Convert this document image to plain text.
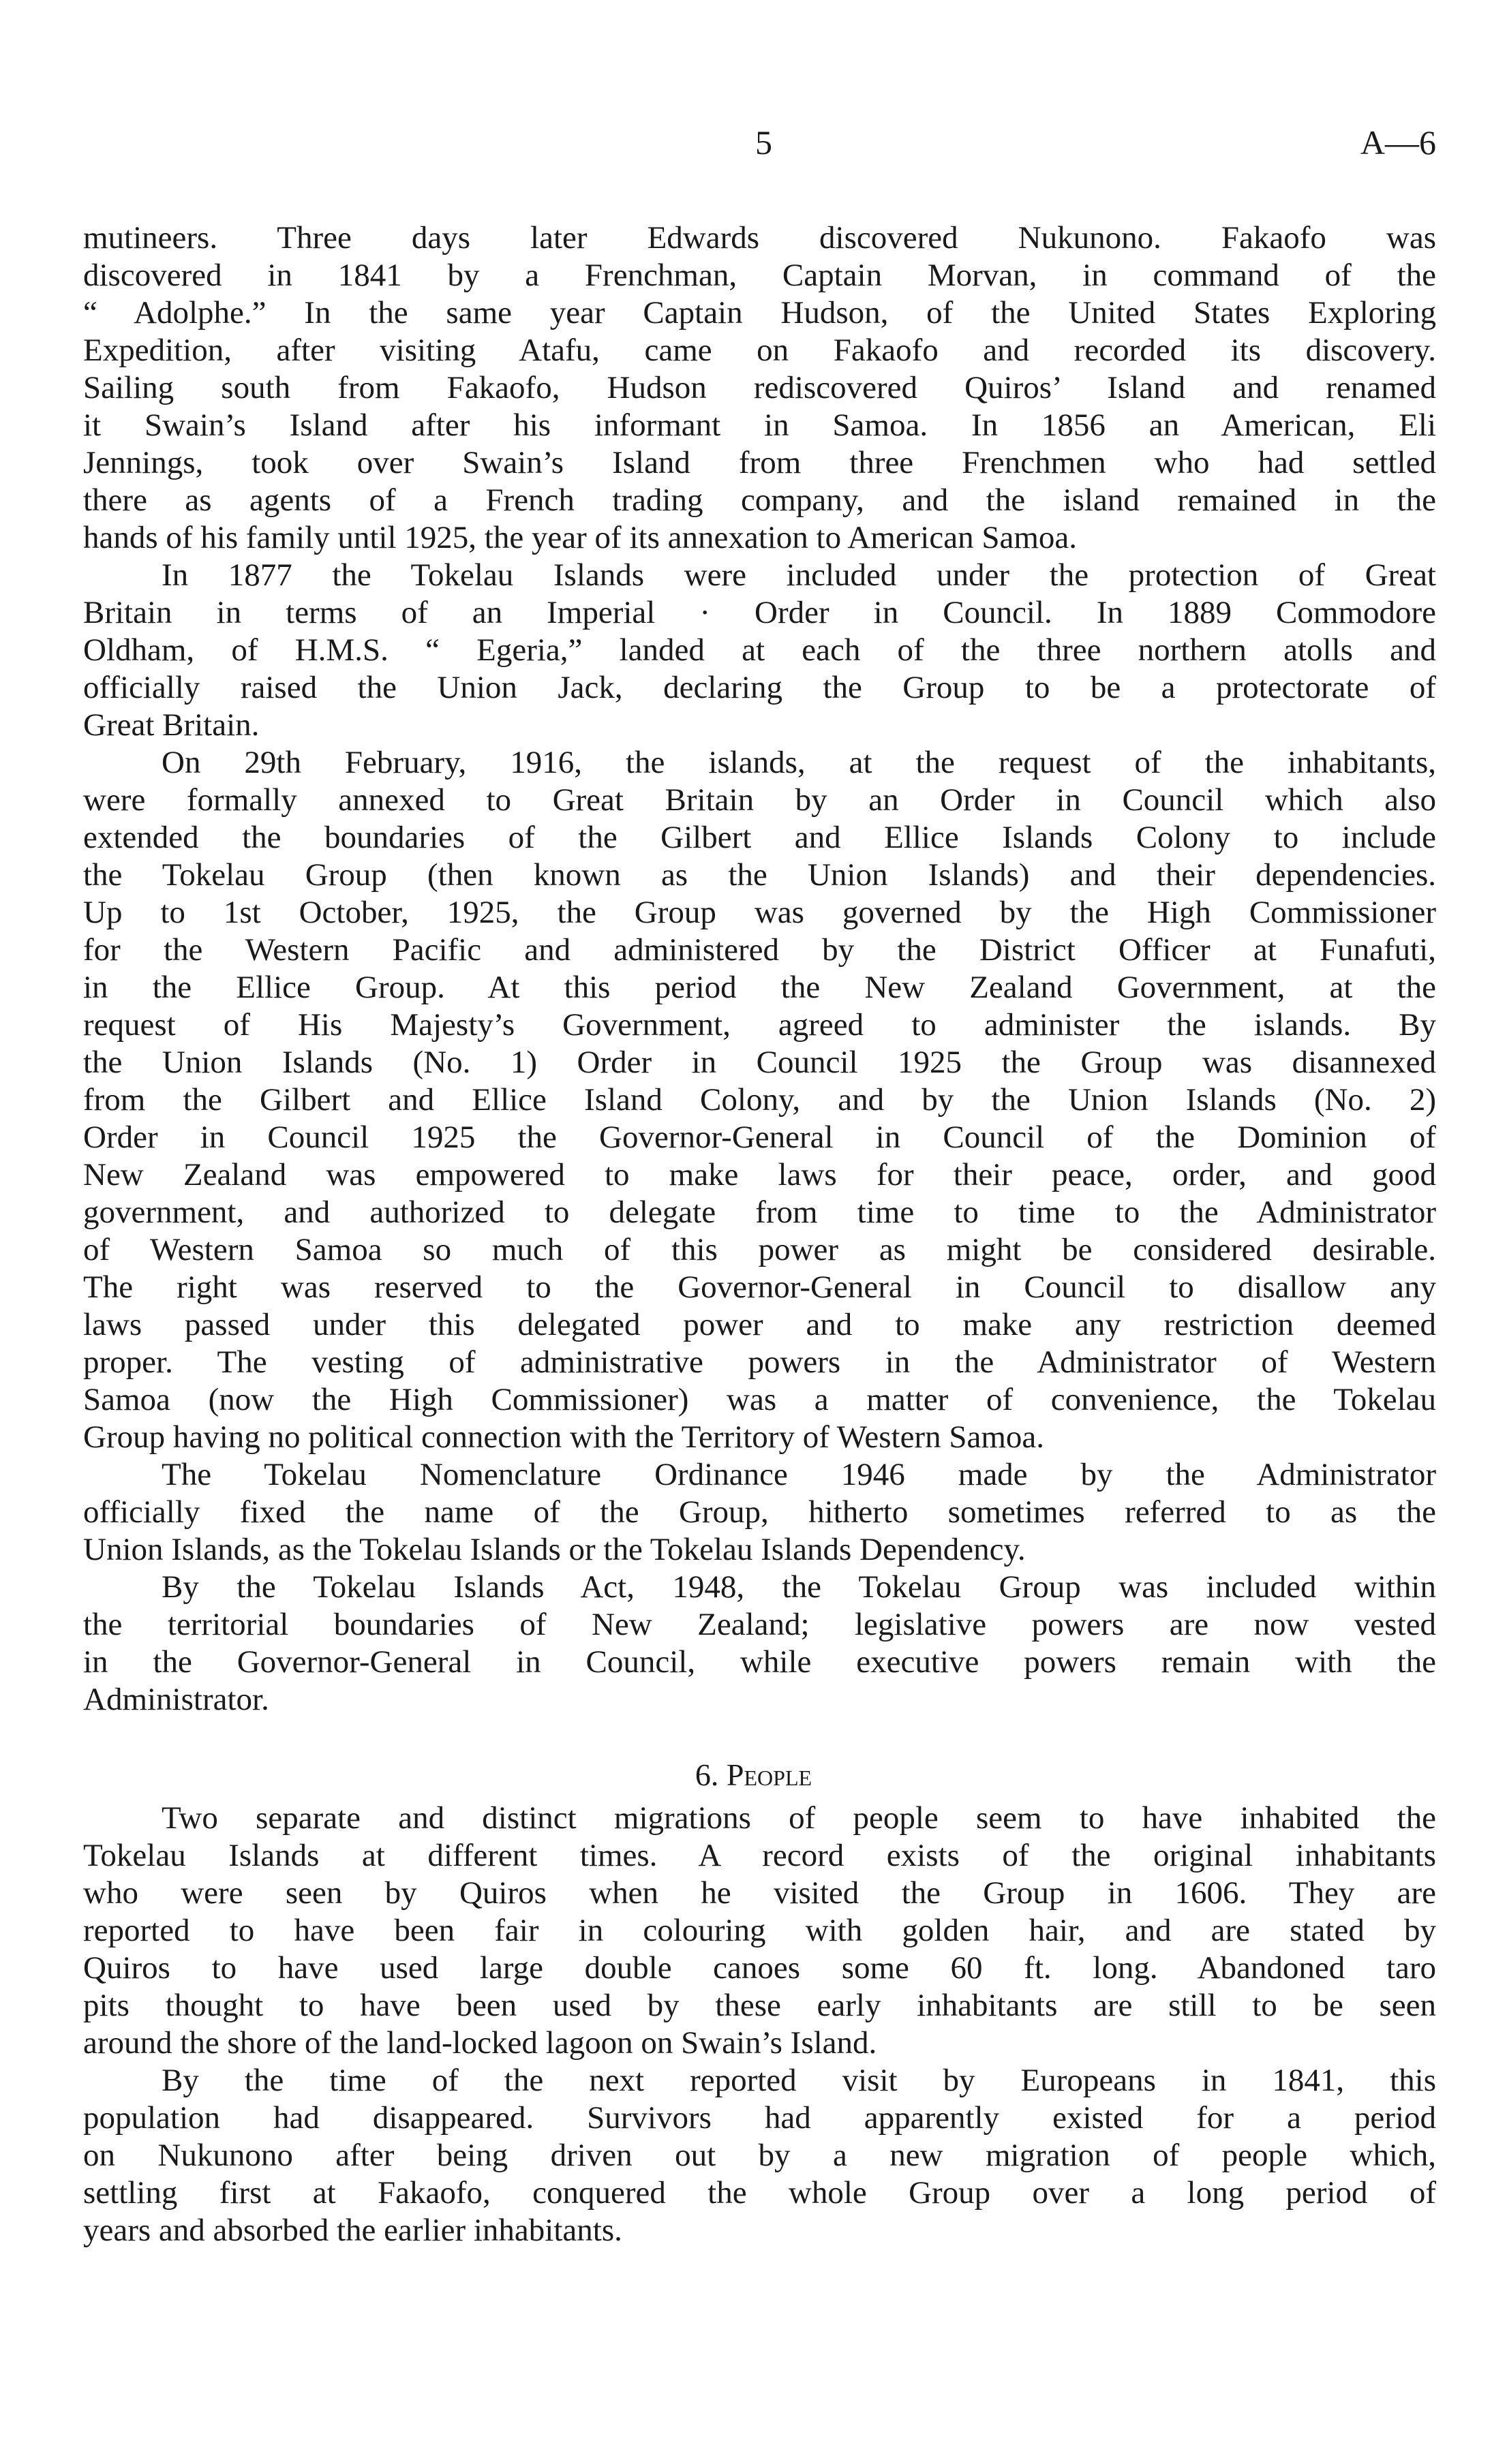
5	A—6
mutineers. Three days later Edwards discovered Nukunono. Fakaofo was
discovered in 1841 by a Frenchman, Captain Morvan, in command of the
“ Adolphe.” In the same year Captain Hudson, of the United States Exploring
Expedition, after visiting Atafu, came on Fakaofo and recorded its discovery.
Sailing south from Fakaofo, Hudson rediscovered Quiros’ Island and renamed
it Swain’s Island after his informant in Samoa. In 1856 an American, Eli
Jennings, took over Swain’s Island from three Frenchmen who had settled
there as agents of a French trading company, and the island remained in the
hands of his family until 1925, the year of its annexation to American Samoa.
In 1877 the Tokelau Islands were included under the protection of Great
Britain in terms of an Imperial · Order in Council. In 1889 Commodore
Oldham, of H.M.S. “ Egeria,” landed at each of the three northern atolls and
officially raised the Union Jack, declaring the Group to be a protectorate of
Great Britain.
On 29th February, 1916, the islands, at the request of the inhabitants,
were formally annexed to Great Britain by an Order in Council which also
extended the boundaries of the Gilbert and Ellice Islands Colony to include
the Tokelau Group (then known as the Union Islands) and their dependencies.
Up to 1st October, 1925, the Group was governed by the High Commissioner
for the Western Pacific and administered by the District Officer at Funafuti,
in the Ellice Group. At this period the New Zealand Government, at the
request of His Majesty’s Government, agreed to administer the islands. By
the Union Islands (No. 1) Order in Council 1925 the Group was disannexed
from the Gilbert and Ellice Island Colony, and by the Union Islands (No. 2)
Order in Council 1925 the Governor-General in Council of the Dominion of
New Zealand was empowered to make laws for their peace, order, and good
government, and authorized to delegate from time to time to the Administrator
of Western Samoa so much of this power as might be considered desirable.
The right was reserved to the Governor-General in Council to disallow any
laws passed under this delegated power and to make any restriction deemed
proper. The vesting of administrative powers in the Administrator of Western
Samoa (now the High Commissioner) was a matter of convenience, the Tokelau
Group having no political connection with the Territory of Western Samoa.
The Tokelau Nomenclature Ordinance 1946 made by the Administrator
officially fixed the name of the Group, hitherto sometimes referred to as the
Union Islands, as the Tokelau Islands or the Tokelau Islands Dependency.
By the Tokelau Islands Act, 1948, the Tokelau Group was included within
the territorial boundaries of New Zealand; legislative powers are now vested
in the Governor-General in Council, while executive powers remain with the
Administrator.
6. People
Two separate and distinct migrations of people seem to have inhabited the
Tokelau Islands at different times. A record exists of the original inhabitants
who were seen by Quiros when he visited the Group in 1606. They are
reported to have been fair in colouring with golden hair, and are stated by
Quiros to have used large double canoes some 60 ft. long. Abandoned taro
pits thought to have been used by these early inhabitants are still to be seen
around the shore of the land-locked lagoon on Swain’s Island.
By the time of the next reported visit by Europeans in 1841, this
population had disappeared. Survivors had apparently existed for a period
on Nukunono after being driven out by a new migration of people which,
settling first at Fakaofo, conquered the whole Group over a long period of
years and absorbed the earlier inhabitants.
